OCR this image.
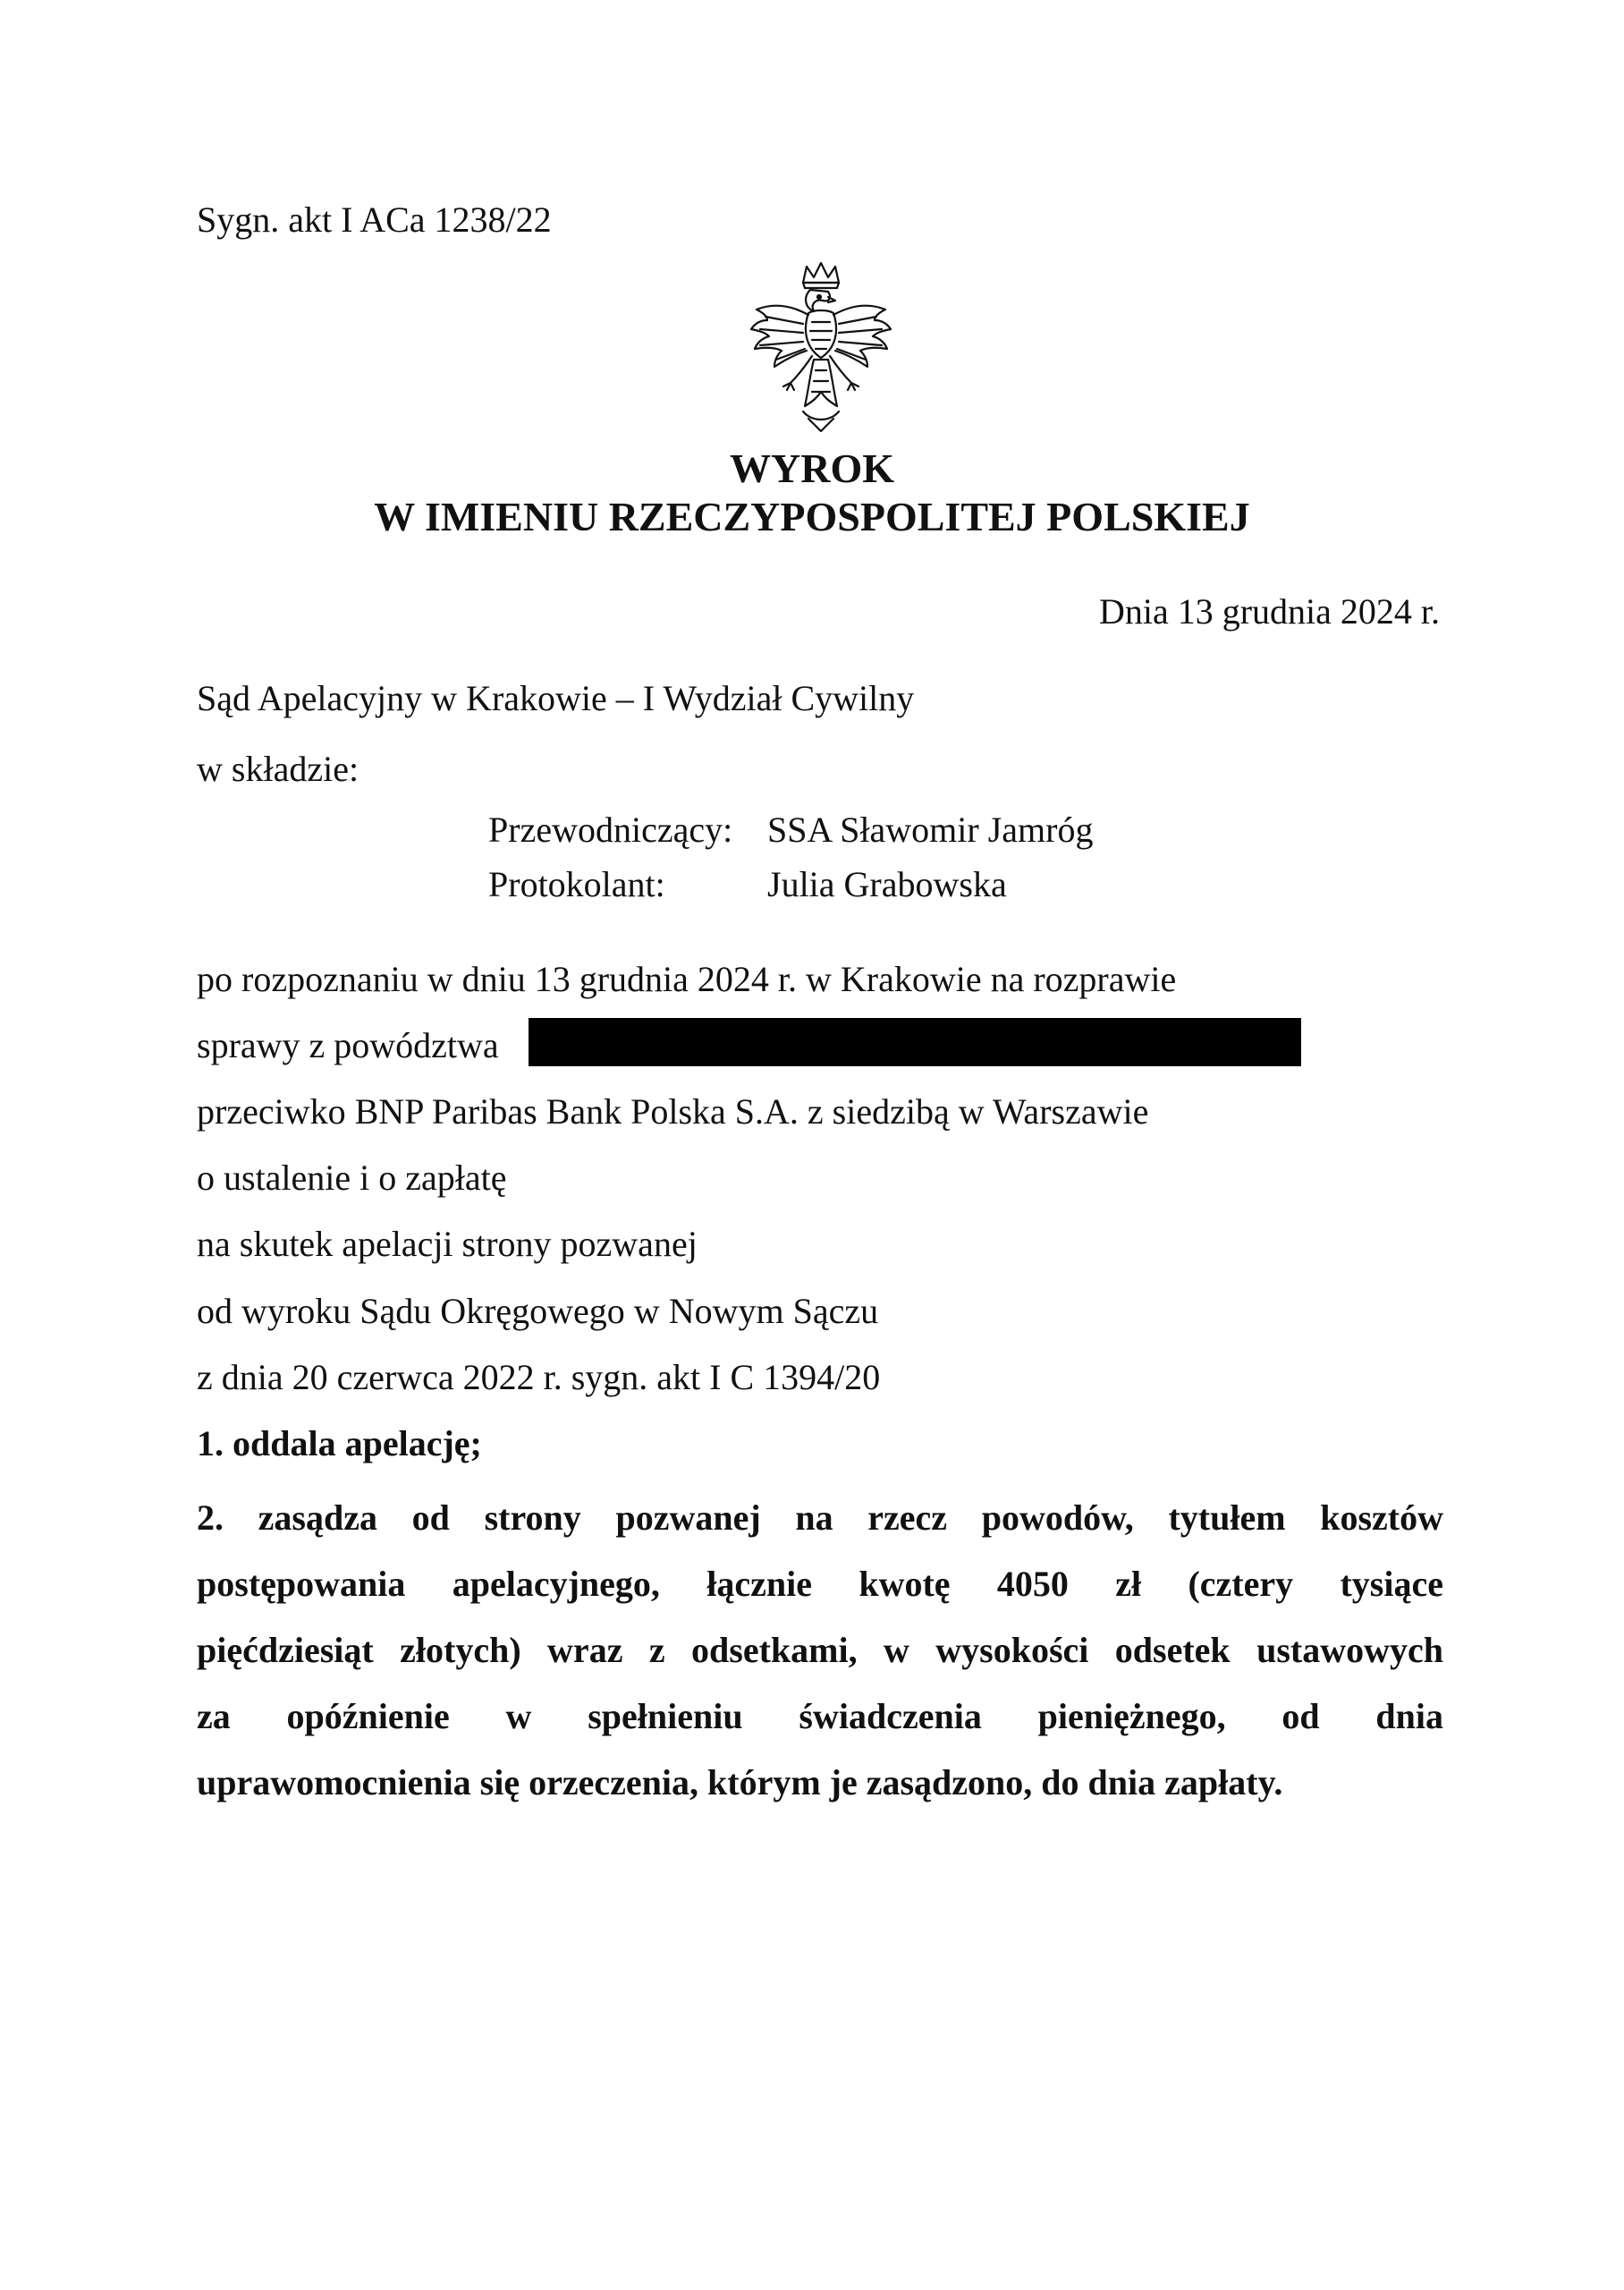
Sygn. akt I ACa 1238/22
WYROK
W IMIENIU RZECZYPOSPOLITEJ POLSKIEJ
Dnia 13 grudnia 2024 r.
Sąd Apelacyjny w Krakowie – I Wydział Cywilny
w składzie:
Przewodniczący: SSA Sławomir Jamróg
Protokolant:	Julia Grabowska
po rozpoznaniu w dniu 13 grudnia 2024 r. w Krakowie na rozprawie
sprawy z powództwa
przeciwko BNP Paribas Bank Polska S.A. z siedzibą w Warszawie
o ustalenie i o zapłatę
na skutek apelacji strony pozwanej
od wyroku Sądu Okręgowego w Nowym Sączu
z dnia 20 czerwca 2022 r. sygn. akt I C 1394/20
1. oddala apelację;
2. zasądza od strony pozwanej na rzecz powodów, tytułem kosztów
postępowania apelacyjnego, łącznie kwotę 4050 zł (cztery tysiące
pięćdziesiąt złotych) wraz z odsetkami, w wysokości odsetek ustawowych
za opóźnienie w spełnieniu świadczenia pieniężnego, od dnia
uprawomocnienia się orzeczenia, którym je zasądzono, do dnia zapłaty.
